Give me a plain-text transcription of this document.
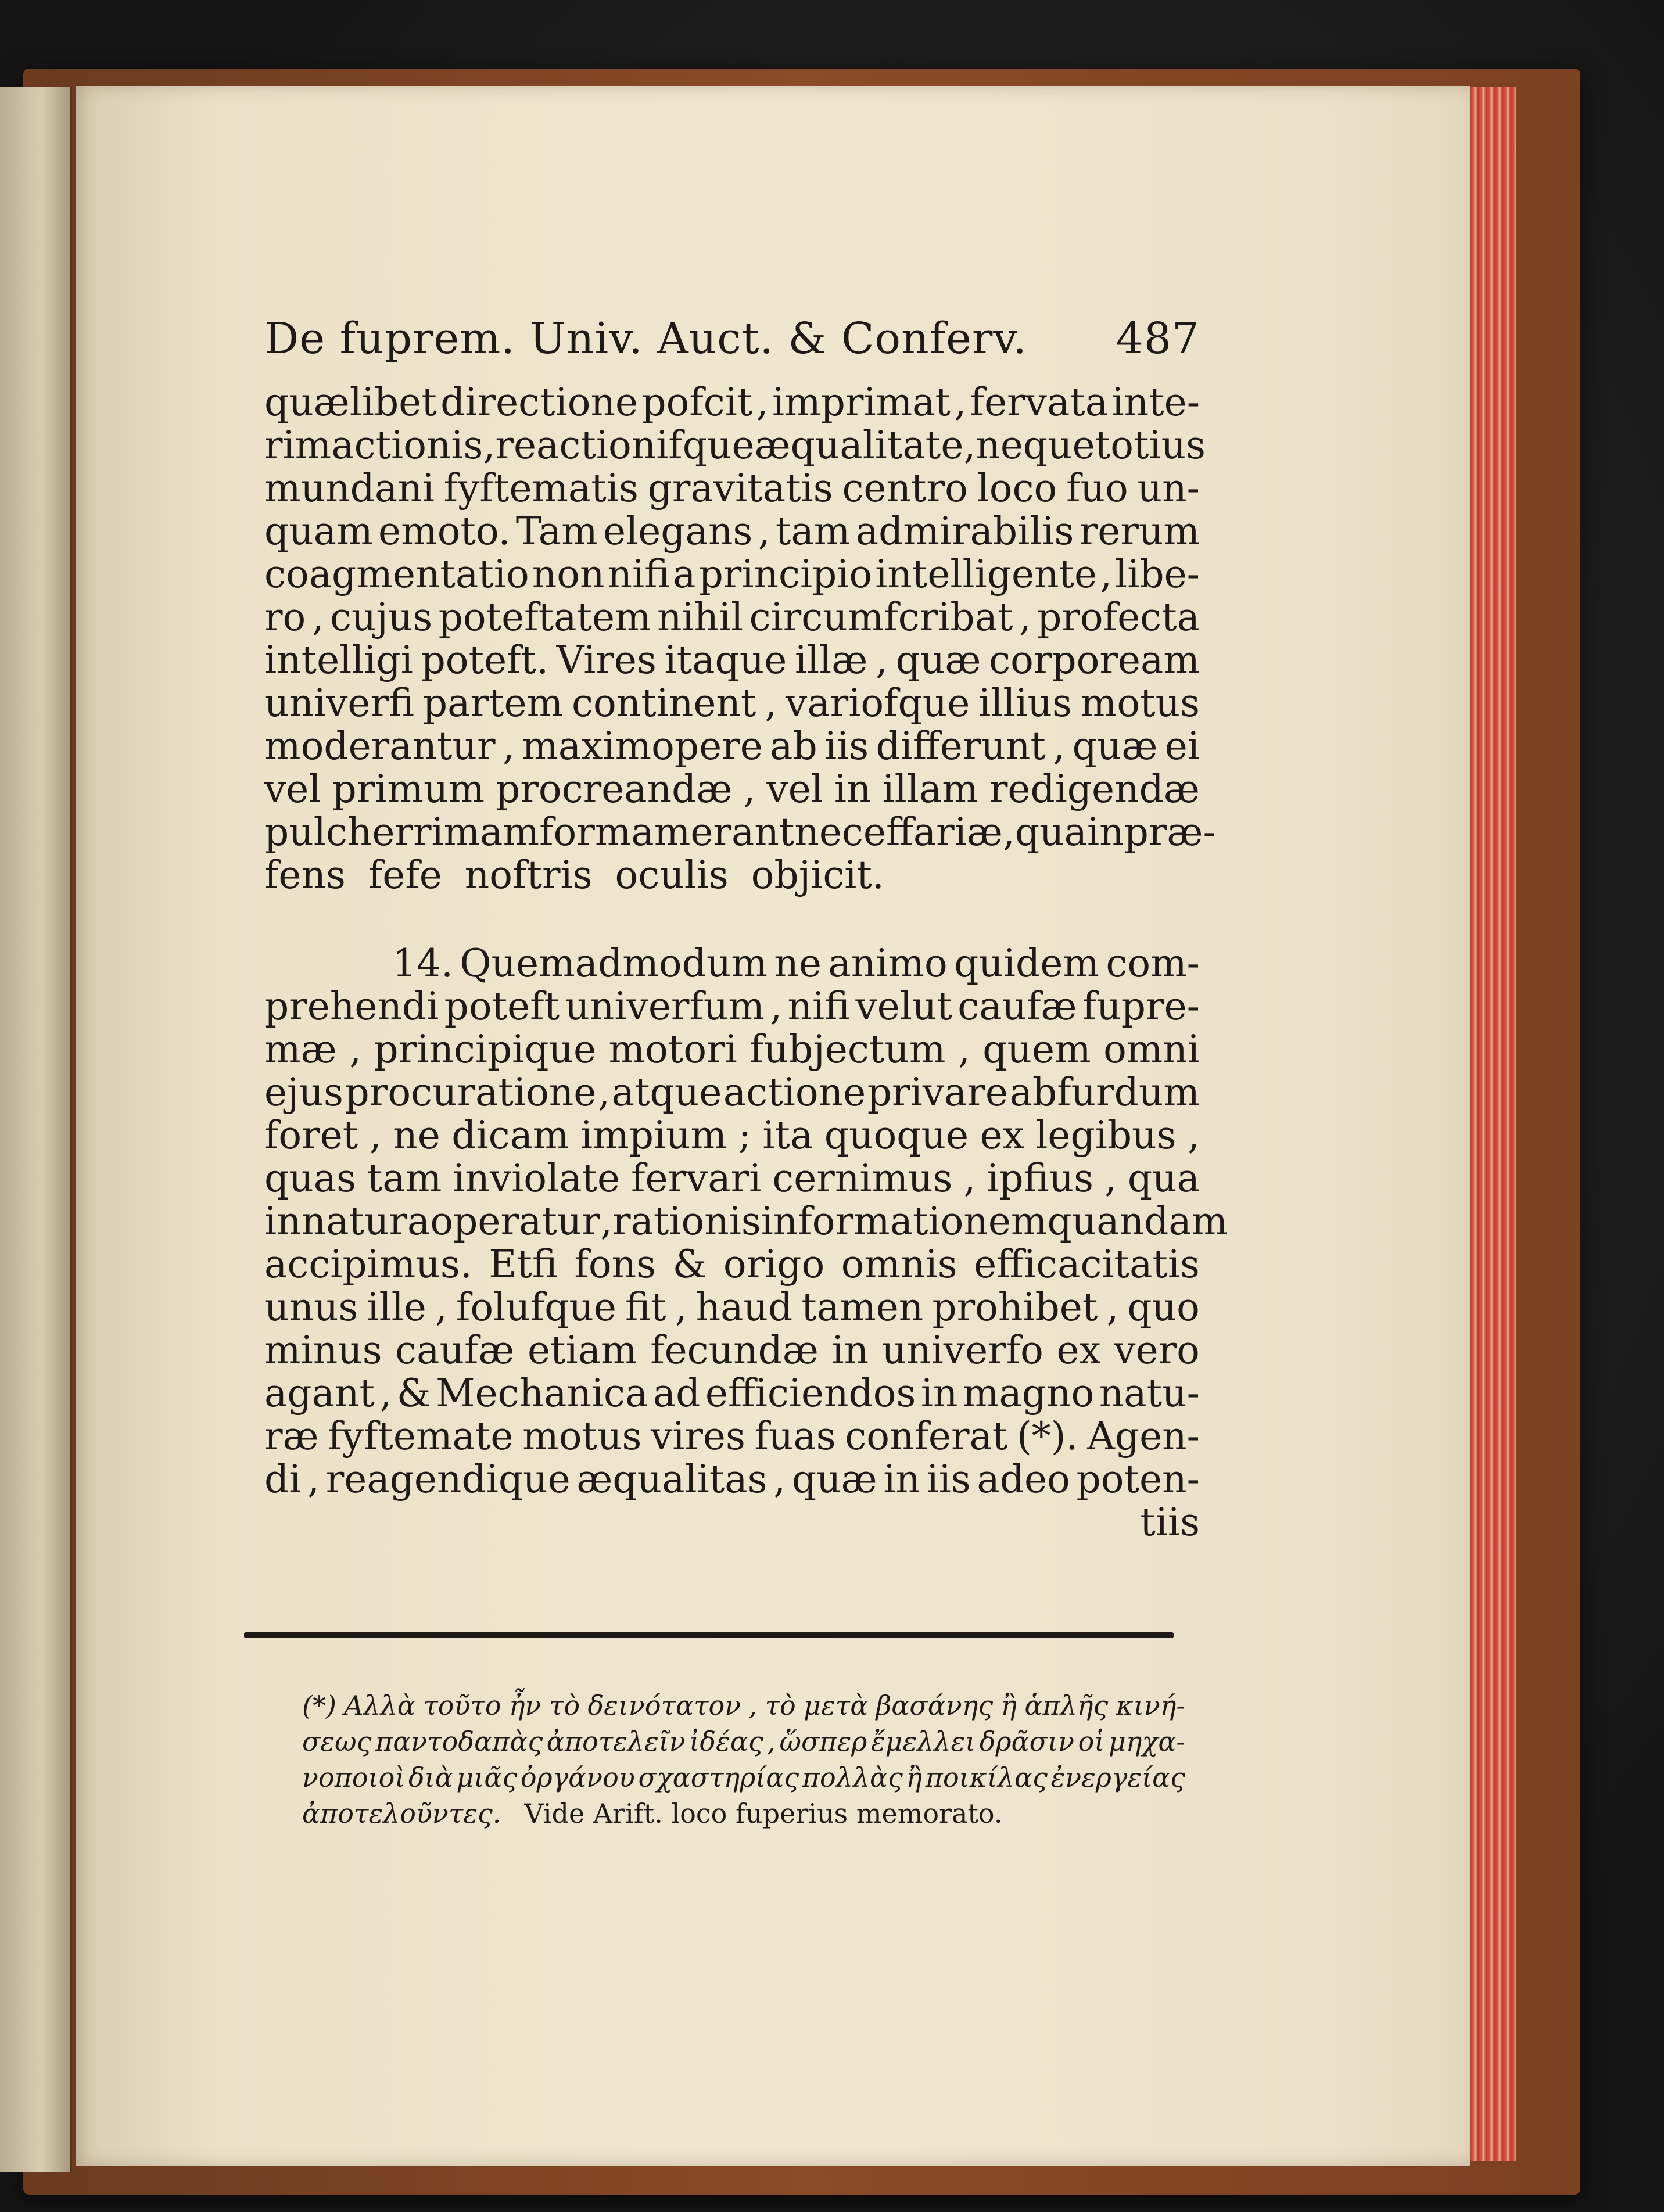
De fuprem. Univ. Auct. & Conferv. 487
quælibet directione pofcit , imprimat , fervata inte-
rim actionis , reactionifque æqualitate , neque totius
mundani fyftematis gravitatis centro loco fuo un-
quam emoto. Tam elegans , tam admirabilis rerum
coagmentatio non nifi a principio intelligente , libe-
ro , cujus poteftatem nihil circumfcribat , profecta
intelligi poteft. Vires itaque illæ , quæ corpoream
univerfi partem continent , variofque illius motus
moderantur , maximopere ab iis differunt , quæ ei
vel primum procreandæ , vel in illam redigendæ
pulcherrimam formam erant neceffariæ , qua in præ-
fens fefe noftris oculis objicit.
14. Quemadmodum ne animo quidem com-
prehendi poteft univerfum , nifi velut caufæ fupre-
mæ , principique motori fubjectum , quem omni
ejus procuratione , atque actione privare abfurdum
foret , ne dicam impium ; ita quoque ex legibus ,
quas tam inviolate fervari cernimus , ipfius , qua
in natura operatur , rationis informationem quandam
accipimus. Etfi fons & origo omnis efficacitatis
unus ille , folufque fit , haud tamen prohibet , quo
minus caufæ etiam fecundæ in univerfo ex vero
agant , & Mechanica ad efficiendos in magno natu-
ræ fyftemate motus vires fuas conferat (*). Agen-
di , reagendique æqualitas , quæ in iis adeo poten-
tiis
(*) Αλλὰ τοῦτο ἦν τὸ δεινότατον , τὸ μετὰ βασάνης ἢ ἁπλῆς κινή-
σεως παντοδαπὰς ἀποτελεῖν ἰδέας , ὥσπερ ἔμελλει δρᾶσιν οἱ μηχα-
νοποιοὶ διὰ μιᾶς ὀργάνου σχαστηρίας πολλὰς ἢ ποικίλας ἐνεργείας
ἀποτελοῦντες. Vide Arift. loco fuperius memorato.
